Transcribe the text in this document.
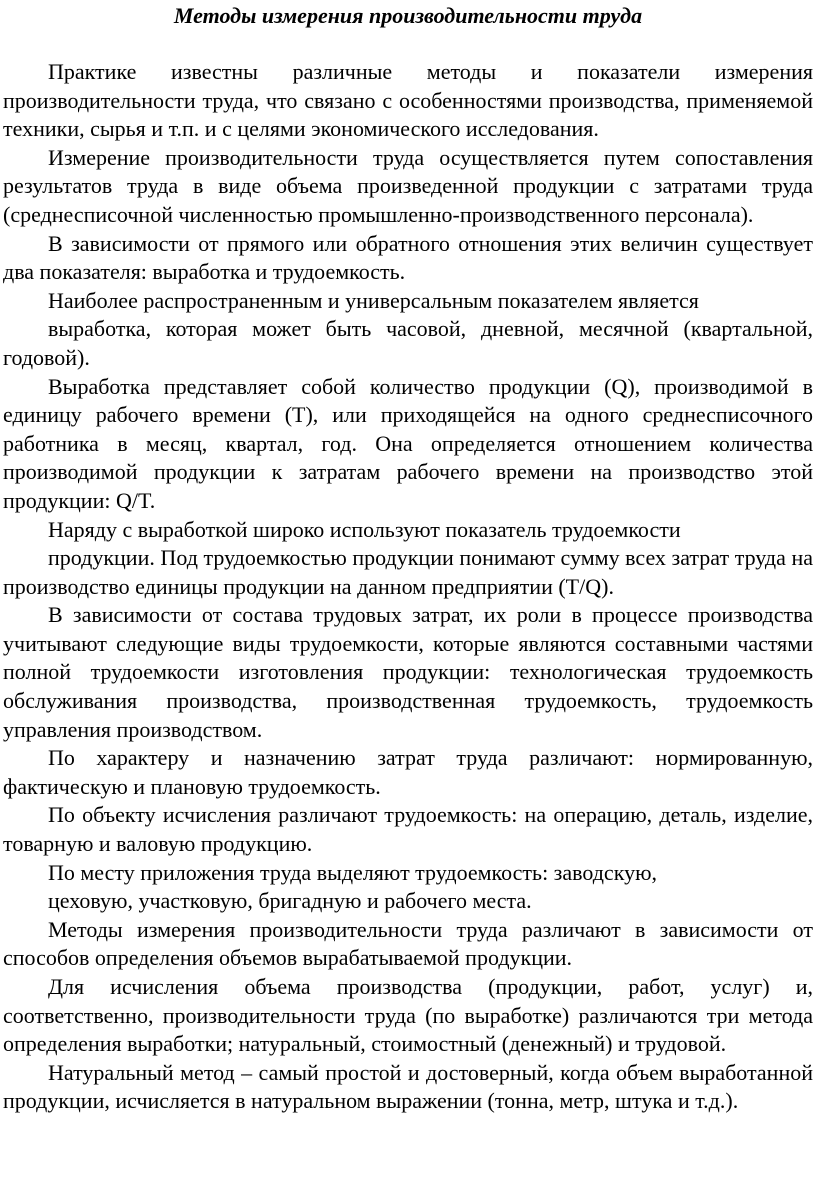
Методы измерения производительности труда

Практике известны различные методы и показатели измерения производительности труда, что связано с особенностями производства, применяемой техники, сырья и т.п. и с целями экономического исследования.

Измерение производительности труда осуществляется путем сопоставления результатов труда в виде объема произведенной продукции с затратами труда (среднесписочной численностью промышленно-производственного персонала).

В зависимости от прямого или обратного отношения этих величин существует два показателя: выработка и трудоемкость.

Наиболее распространенным и универсальным показателем является

выработка, которая может быть часовой, дневной, месячной (квартальной, годовой).

Выработка представляет собой количество продукции (Q), производимой в единицу рабочего времени (T), или приходящейся на одного среднесписочного работника в месяц, квартал, год. Она определяется отношением количества производимой продукции к затратам рабочего времени на производство этой продукции: Q/T.

Наряду с выработкой широко используют показатель трудоемкости

продукции. Под трудоемкостью продукции понимают сумму всех затрат труда на производство единицы продукции на данном предприятии (T/Q).

В зависимости от состава трудовых затрат, их роли в процессе производства учитывают следующие виды трудоемкости, которые являются составными частями полной трудоемкости изготовления продукции: технологическая трудоемкость обслуживания производства, производственная трудоемкость, трудоемкость управления производством.

По характеру и назначению затрат труда различают: нормированную, фактическую и плановую трудоемкость.

По объекту исчисления различают трудоемкость: на операцию, деталь, изделие, товарную и валовую продукцию.

По месту приложения труда выделяют трудоемкость: заводскую,

цеховую, участковую, бригадную и рабочего места.

Методы измерения производительности труда различают в зависимости от способов определения объемов вырабатываемой продукции.

Для исчисления объема производства (продукции, работ, услуг) и, соответственно, производительности труда (по выработке) различаются три метода определения выработки; натуральный, стоимостный (денежный) и трудовой.

Натуральный метод – самый простой и достоверный, когда объем выработанной продукции, исчисляется в натуральном выражении (тонна, метр, штука и т.д.).
